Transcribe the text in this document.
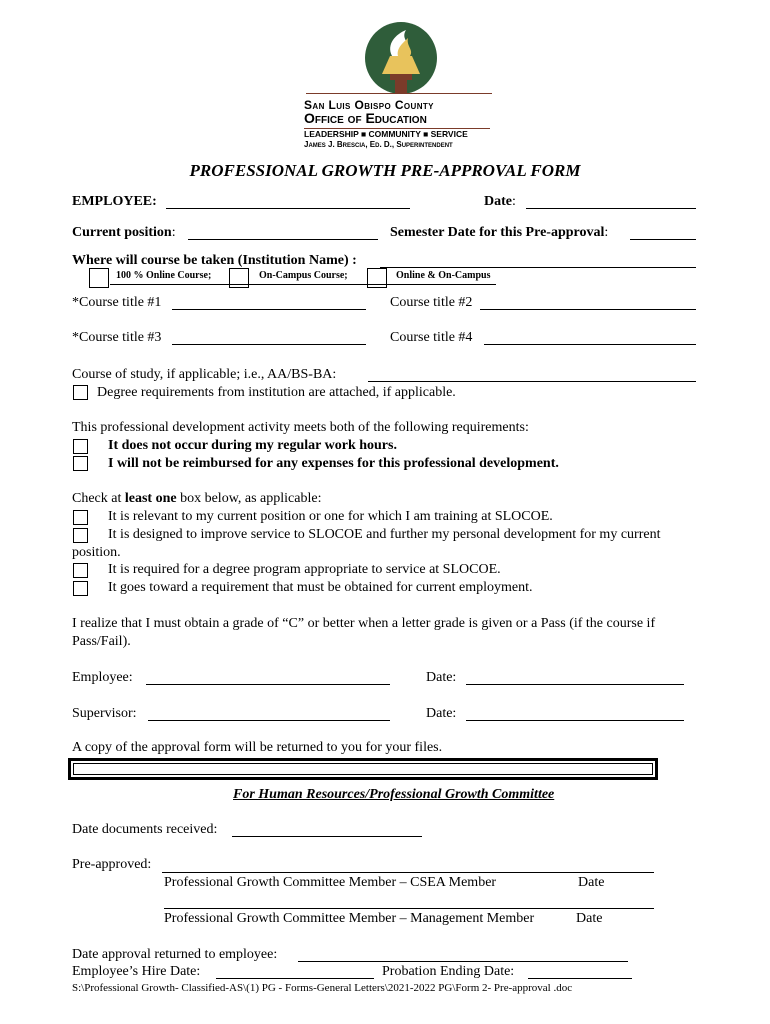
San Luis Obispo County
Office of Education
LEADERSHIP ■ COMMUNITY ■ SERVICE
James J. Brescia, Ed. D., Superintendent
PROFESSIONAL GROWTH PRE-APPROVAL FORM
EMPLOYEE:	Date:
Current position:	Semester Date for this Pre-approval:
Where will course be taken (Institution Name) :
100 % Online Course;	On-Campus Course;	Online & On-Campus
*Course title #1	Course title #2
*Course title #3	Course title #4
Course of study, if applicable; i.e., AA/BS-BA:
Degree requirements from institution are attached, if applicable.
This professional development activity meets both of the following requirements:
It does not occur during my regular work hours.
I will not be reimbursed for any expenses for this professional development.
Check at least one box below, as applicable:
It is relevant to my current position or one for which I am training at SLOCOE.
It is designed to improve service to SLOCOE and further my personal development for my current
position.
It is required for a degree program appropriate to service at SLOCOE.
It goes toward a requirement that must be obtained for current employment.
I realize that I must obtain a grade of “C” or better when a letter grade is given or a Pass (if the course if
Pass/Fail).
Employee:	Date:
Supervisor:	Date:
A copy of the approval form will be returned to you for your files.
For Human Resources/Professional Growth Committee
Date documents received:
Pre-approved:
Professional Growth Committee Member – CSEA Member	Date
Professional Growth Committee Member – Management Member	Date
Date approval returned to employee:
Employee’s Hire Date:	Probation Ending Date:
S:\Professional Growth- Classified-AS\(1) PG - Forms-General Letters\2021-2022 PG\Form 2- Pre-approval .doc
